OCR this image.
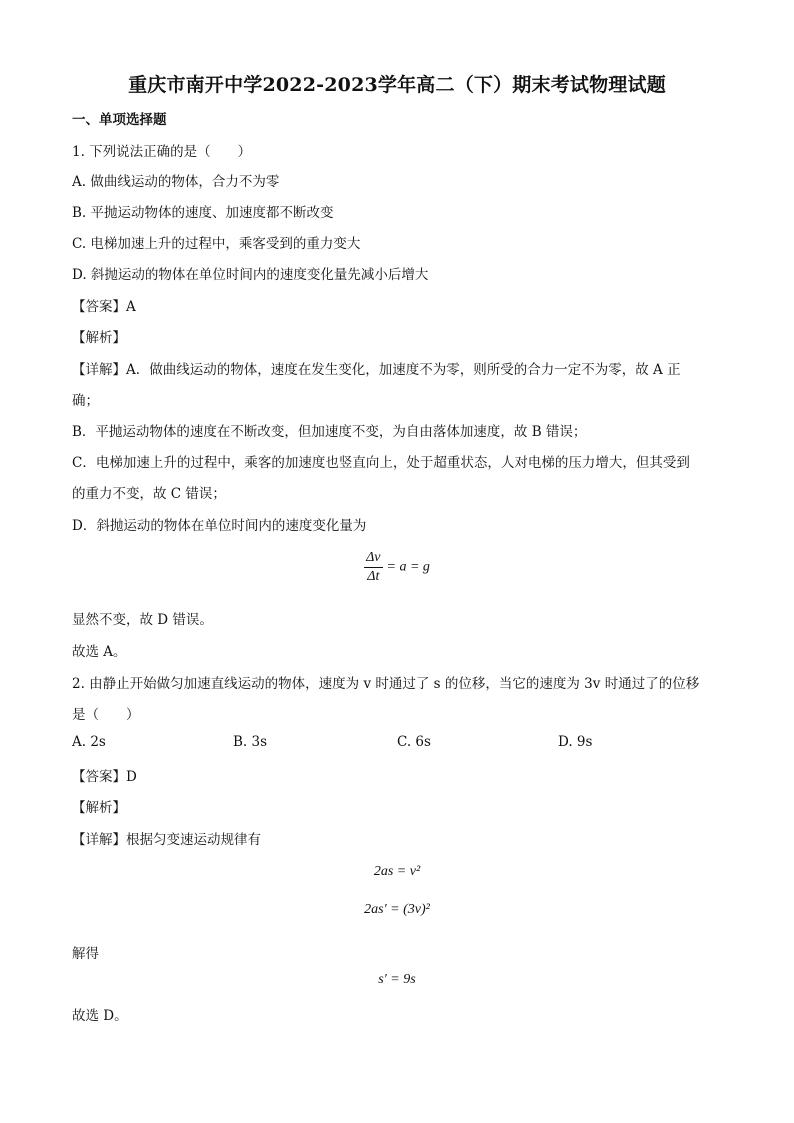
重庆市南开中学2022-2023学年高二（下）期末考试物理试题
一、单项选择题
1. 下列说法正确的是（　　）
A. 做曲线运动的物体，合力不为零
B. 平抛运动物体的速度、加速度都不断改变
C. 电梯加速上升的过程中，乘客受到的重力变大
D. 斜抛运动的物体在单位时间内的速度变化量先减小后增大
【答案】A
【解析】
【详解】A．做曲线运动的物体，速度在发生变化，加速度不为零，则所受的合力一定不为零，故 A 正
确；
B．平抛运动物体的速度在不断改变，但加速度不变，为自由落体加速度，故 B 错误；
C．电梯加速上升的过程中，乘客的加速度也竖直向上，处于超重状态，人对电梯的压力增大，但其受到
的重力不变，故 C 错误；
D．斜抛运动的物体在单位时间内的速度变化量为
$\frac{\Delta v}{\Delta t} = a = g$
显然不变，故 D 错误。
故选 A。
2. 由静止开始做匀加速直线运动的物体，速度为 v 时通过了 s 的位移，当它的速度为 3v 时通过了的位移
是（　　）
A. 2s	B. 3s	C. 6s	D. 9s
【答案】D
【解析】
【详解】根据匀变速运动规律有
2as = v²
2as′ = (3v)²
解得
s′ = 9s
故选 D。
